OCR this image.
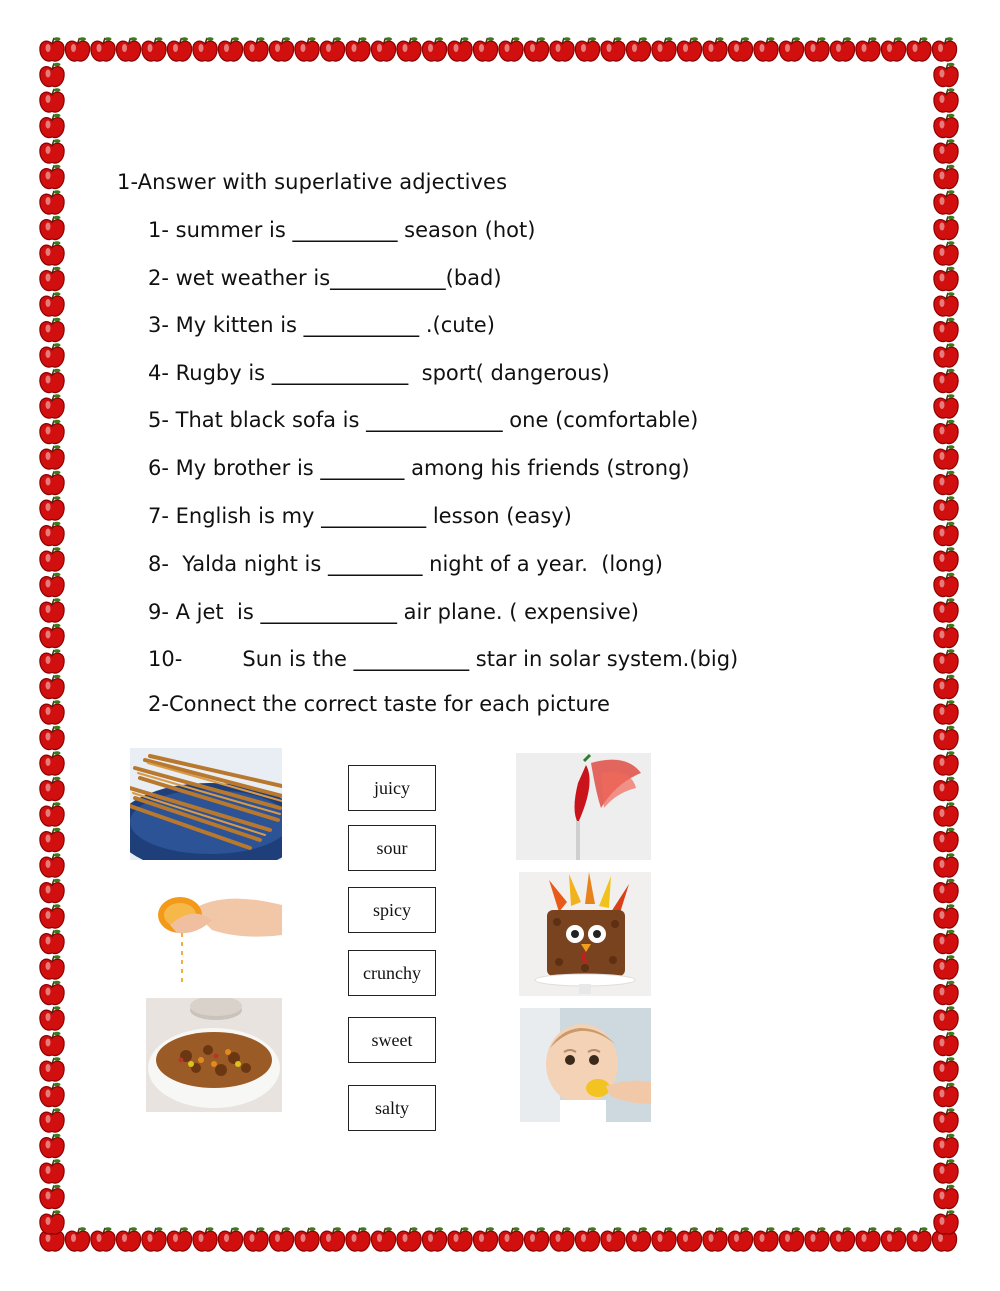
1-Answer with superlative adjectives
1- summer is __________ season (hot)
2- wet weather is___________(bad)
3- My kitten is ___________ .(cute)
4- Rugby is _____________  sport( dangerous)
5- That black sofa is _____________ one (comfortable)
6- My brother is ________ among his friends (strong)
7- English is my __________ lesson (easy)
8-  Yalda night is _________ night of a year.  (long)
9- A jet  is _____________ air plane. ( expensive)
10-         Sun is the ___________ star in solar system.(big)
2-Connect the correct taste for each picture
juicy
sour
spicy
crunchy
sweet
salty
